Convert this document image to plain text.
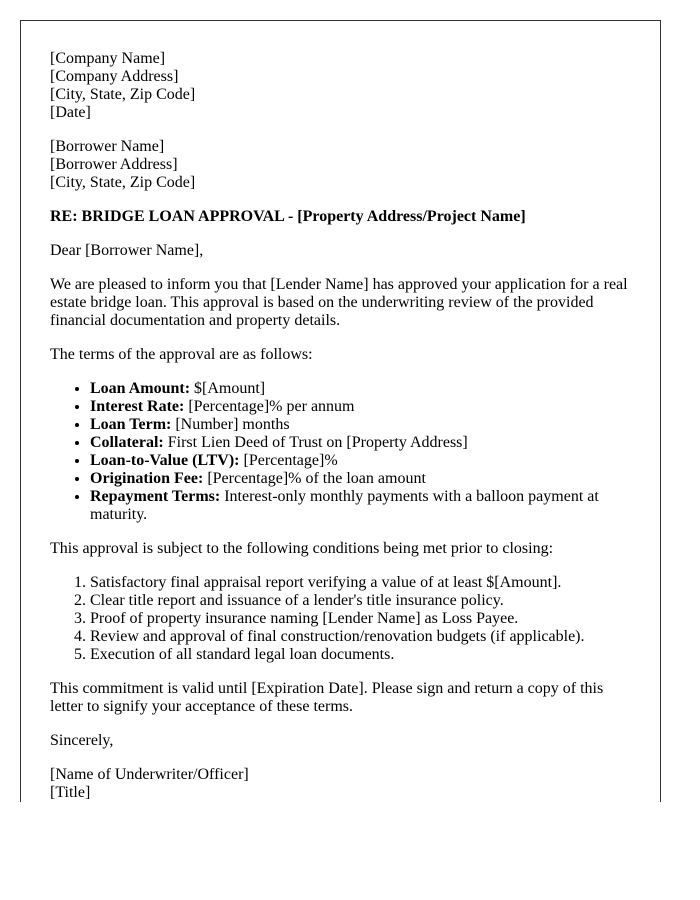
[Company Name]
[Company Address]
[City, State, Zip Code]
[Date]
[Borrower Name]
[Borrower Address]
[City, State, Zip Code]
RE: BRIDGE LOAN APPROVAL - [Property Address/Project Name]

Dear [Borrower Name],

We are pleased to inform you that [Lender Name] has approved your application for a real estate bridge loan. This approval is based on the underwriting review of the provided financial documentation and property details.

The terms of the approval are as follows:

• Loan Amount: $[Amount]
• Interest Rate: [Percentage]% per annum
• Loan Term: [Number] months
• Collateral: First Lien Deed of Trust on [Property Address]
• Loan-to-Value (LTV): [Percentage]%
• Origination Fee: [Percentage]% of the loan amount
• Repayment Terms: Interest-only monthly payments with a balloon payment at maturity.

This approval is subject to the following conditions being met prior to closing:

1. Satisfactory final appraisal report verifying a value of at least $[Amount].
2. Clear title report and issuance of a lender's title insurance policy.
3. Proof of property insurance naming [Lender Name] as Loss Payee.
4. Review and approval of final construction/renovation budgets (if applicable).
5. Execution of all standard legal loan documents.

This commitment is valid until [Expiration Date]. Please sign and return a copy of this letter to signify your acceptance of these terms.

Sincerely,

[Name of Underwriter/Officer]
[Title]
